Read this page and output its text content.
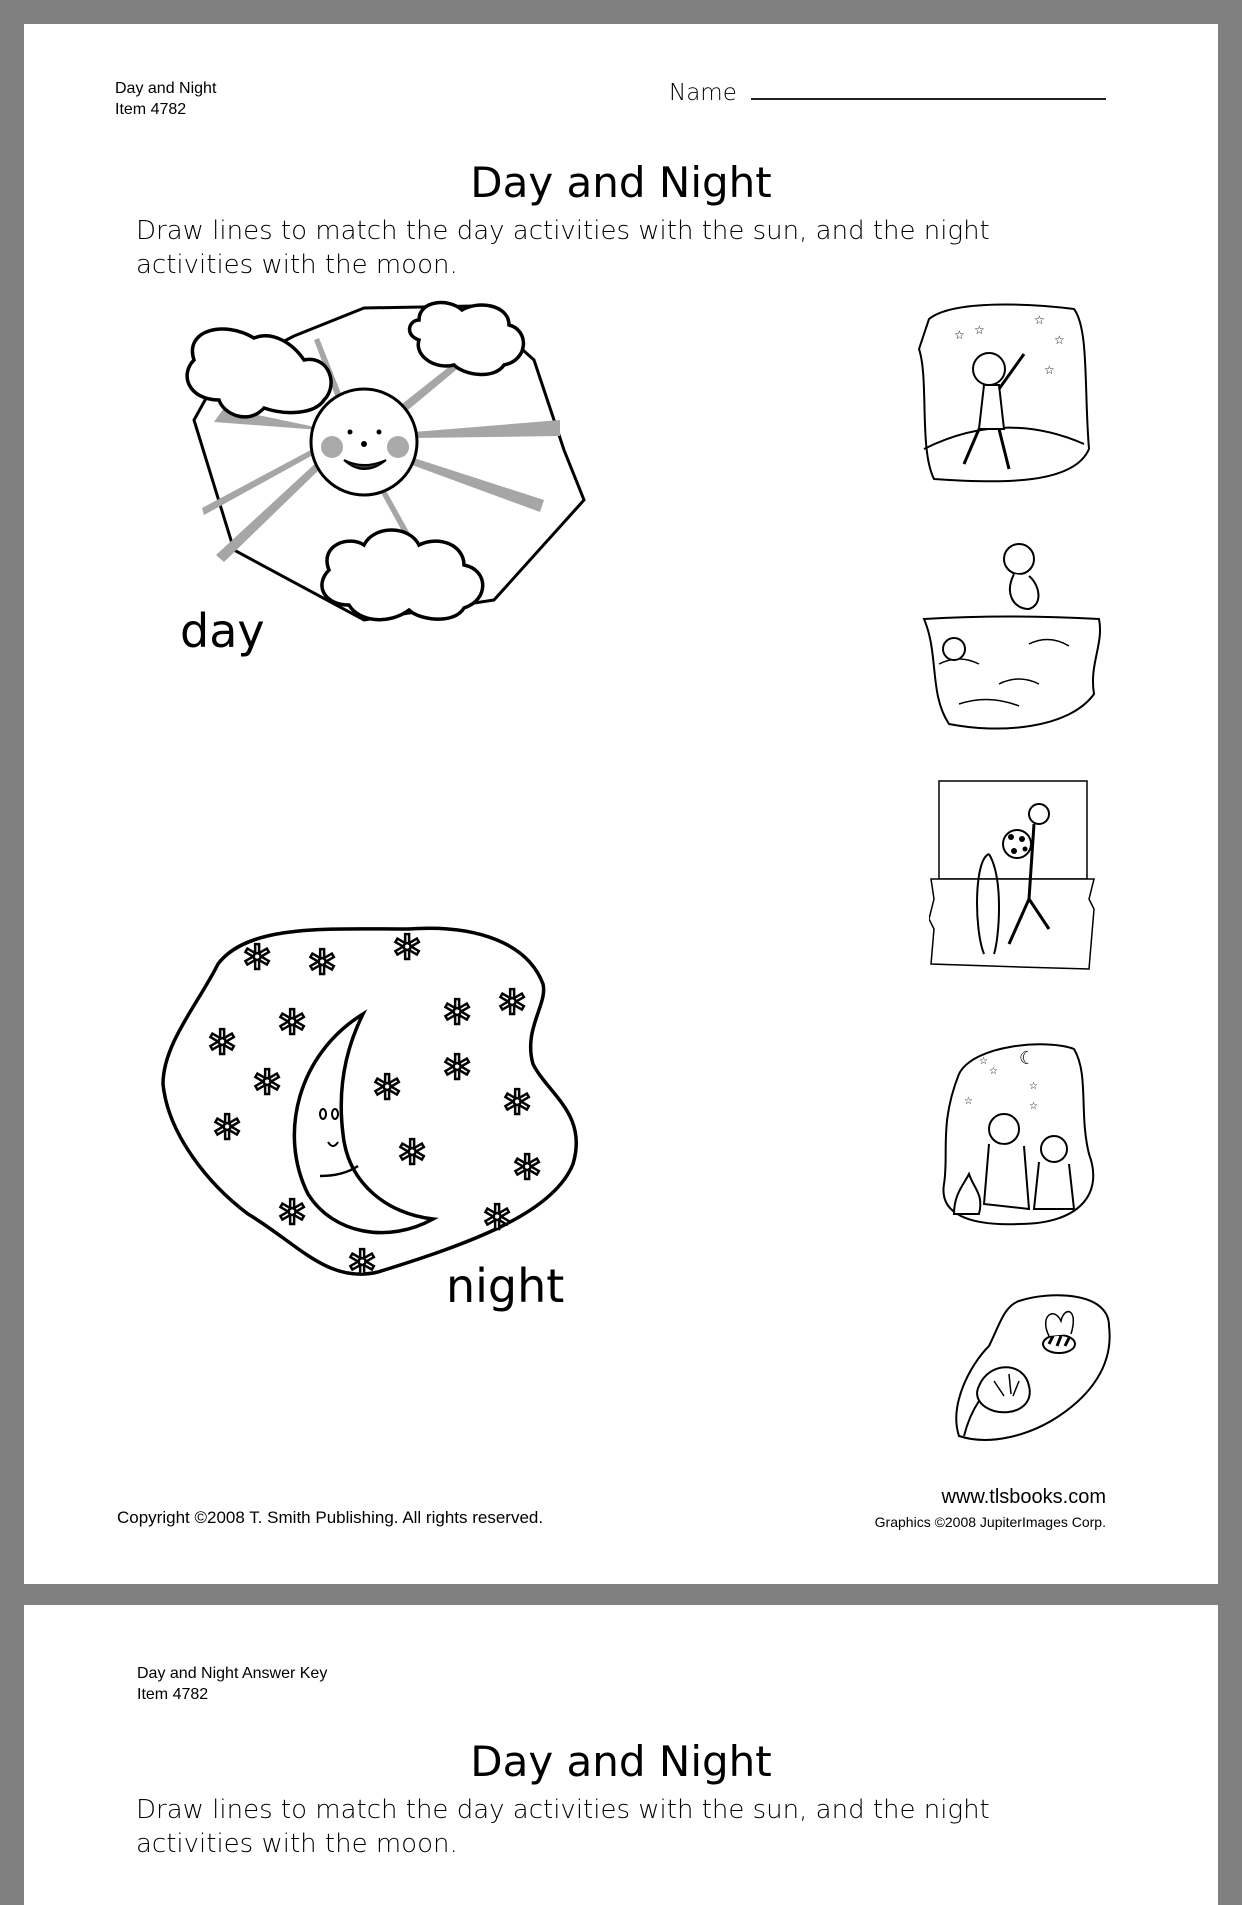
Day and Night
Item 4782
Name
Day and Night
Draw lines to match the day activities with the sun, and the night
activities with the moon.
day
✲ ✲ ✲
✲ ✲	✲ ✲
✲	✲ ✲
✲
✲
✲	✲
✲	✲
✲ night
☆ ☆
☆
☆
☆
☾
☆
☆
☆
☆	☆
Copyright ©2008 T. Smith Publishing. All rights reserved.
www.tlsbooks.com
Graphics ©2008 JupiterImages Corp.
Day and Night Answer Key
Item 4782
Day and Night
Draw lines to match the day activities with the sun, and the night
activities with the moon.
